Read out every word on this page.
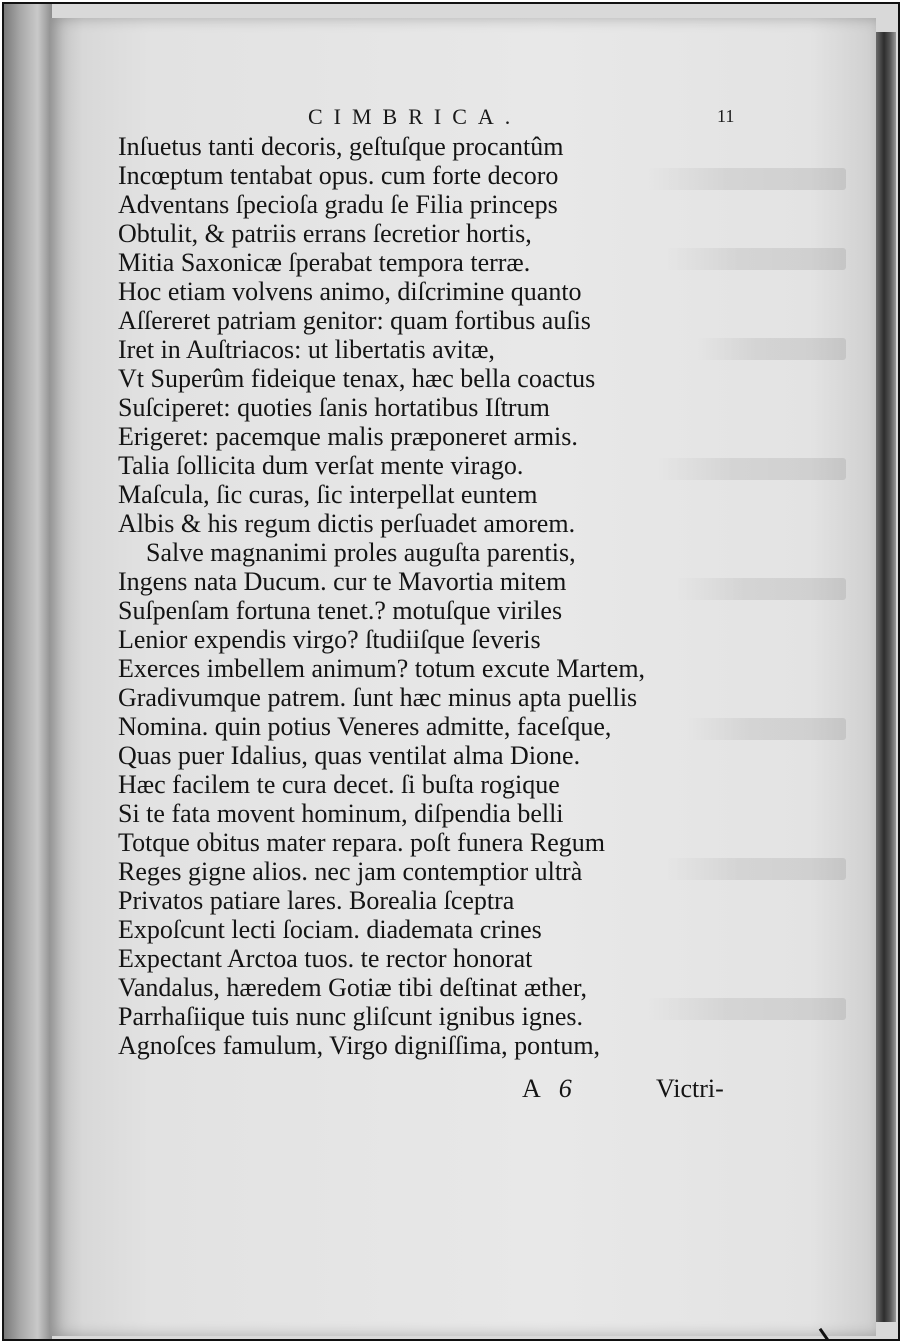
CIMBRICA.	11
Inſuetus tanti decoris, geſtuſque procantûm
Incœptum tentabat opus. cum forte decoro
Adventans ſpecioſa gradu ſe Filia princeps
Obtulit, & patriis errans ſecretior hortis,
Mitia Saxonicæ ſperabat tempora terræ.
Hoc etiam volvens animo, diſcrimine quanto
Aſſereret patriam genitor: quam fortibus auſis
Iret in Auſtriacos: ut libertatis avitæ,
Vt Superûm fideique tenax, hæc bella coactus
Suſciperet: quoties ſanis hortatibus Iſtrum
Erigeret: pacemque malis præponeret armis.
Talia ſollicita dum verſat mente virago.
Maſcula, ſic curas, ſic interpellat euntem
Albis & his regum dictis perſuadet amorem.
Salve magnanimi proles auguſta parentis,
Ingens nata Ducum. cur te Mavortia mitem
Suſpenſam fortuna tenet.? motuſque viriles
Lenior expendis virgo? ſtudiiſque ſeveris
Exerces imbellem animum? totum excute Martem,
Gradivumque patrem. ſunt hæc minus apta puellis
Nomina. quin potius Veneres admitte, faceſque,
Quas puer Idalius, quas ventilat alma Dione.
Hæc facilem te cura decet. ſi buſta rogique
Si te fata movent hominum, diſpendia belli
Totque obitus mater repara. poſt funera Regum
Reges gigne alios. nec jam contemptior ultrà
Privatos patiare lares. Borealia ſceptra
Expoſcunt lecti ſociam. diademata crines
Expectant Arctoa tuos. te rector honorat
Vandalus, hæredem Gotiæ tibi deſtinat æther,
Parrhaſiique tuis nunc gliſcunt ignibus ignes.
Agnoſces famulum, Virgo digniſſima, pontum,
A 6	Victri-
